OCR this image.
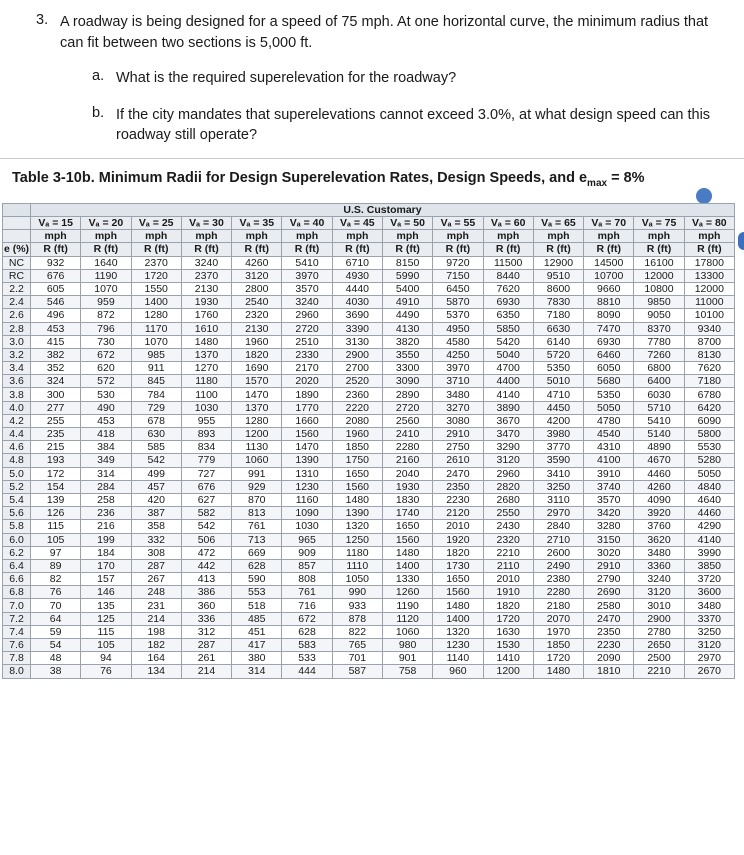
3. A roadway is being designed for a speed of 75 mph. At one horizontal curve, the minimum radius that can fit between two sections is 5,000 ft.
a. What is the required superelevation for the roadway?
b. If the city mandates that superelevations cannot exceed 3.0%, at what design speed can this roadway still operate?
Table 3-10b. Minimum Radii for Design Superelevation Rates, Design Speeds, and $e_{max} = 8\%$
	U.S. Customary													
	Vₐ = 15	Vₐ = 20	Vₐ = 25	Vₐ = 30	Vₐ = 35	Vₐ = 40	Vₐ = 45	Vₐ = 50	Vₐ = 55	Vₐ = 60	Vₐ = 65	Vₐ = 70	Vₐ = 75	Vₐ = 80
	mph	mph	mph	mph	mph	mph	mph	mph	mph	mph	mph	mph	mph	mph
e (%)	R (ft)	R (ft)	R (ft)	R (ft)	R (ft)	R (ft)	R (ft)	R (ft)	R (ft)	R (ft)	R (ft)	R (ft)	R (ft)	R (ft)
NC	932	1640	2370	3240	4260	5410	6710	8150	9720	11500	12900	14500	16100	17800
RC	676	1190	1720	2370	3120	3970	4930	5990	7150	8440	9510	10700	12000	13300
2.2	605	1070	1550	2130	2800	3570	4440	5400	6450	7620	8600	9660	10800	12000
2.4	546	959	1400	1930	2540	3240	4030	4910	5870	6930	7830	8810	9850	11000
2.6	496	872	1280	1760	2320	2960	3690	4490	5370	6350	7180	8090	9050	10100
2.8	453	796	1170	1610	2130	2720	3390	4130	4950	5850	6630	7470	8370	9340
3.0	415	730	1070	1480	1960	2510	3130	3820	4580	5420	6140	6930	7780	8700
3.2	382	672	985	1370	1820	2330	2900	3550	4250	5040	5720	6460	7260	8130
3.4	352	620	911	1270	1690	2170	2700	3300	3970	4700	5350	6050	6800	7620
3.6	324	572	845	1180	1570	2020	2520	3090	3710	4400	5010	5680	6400	7180
3.8	300	530	784	1100	1470	1890	2360	2890	3480	4140	4710	5350	6030	6780
4.0	277	490	729	1030	1370	1770	2220	2720	3270	3890	4450	5050	5710	6420
4.2	255	453	678	955	1280	1660	2080	2560	3080	3670	4200	4780	5410	6090
4.4	235	418	630	893	1200	1560	1960	2410	2910	3470	3980	4540	5140	5800
4.6	215	384	585	834	1130	1470	1850	2280	2750	3290	3770	4310	4890	5530
4.8	193	349	542	779	1060	1390	1750	2160	2610	3120	3590	4100	4670	5280
5.0	172	314	499	727	991	1310	1650	2040	2470	2960	3410	3910	4460	5050
5.2	154	284	457	676	929	1230	1560	1930	2350	2820	3250	3740	4260	4840
5.4	139	258	420	627	870	1160	1480	1830	2230	2680	3110	3570	4090	4640
5.6	126	236	387	582	813	1090	1390	1740	2120	2550	2970	3420	3920	4460
5.8	115	216	358	542	761	1030	1320	1650	2010	2430	2840	3280	3760	4290
6.0	105	199	332	506	713	965	1250	1560	1920	2320	2710	3150	3620	4140
6.2	97	184	308	472	669	909	1180	1480	1820	2210	2600	3020	3480	3990
6.4	89	170	287	442	628	857	1110	1400	1730	2110	2490	2910	3360	3850
6.6	82	157	267	413	590	808	1050	1330	1650	2010	2380	2790	3240	3720
6.8	76	146	248	386	553	761	990	1260	1560	1910	2280	2690	3120	3600
7.0	70	135	231	360	518	716	933	1190	1480	1820	2180	2580	3010	3480
7.2	64	125	214	336	485	672	878	1120	1400	1720	2070	2470	2900	3370
7.4	59	115	198	312	451	628	822	1060	1320	1630	1970	2350	2780	3250
7.6	54	105	182	287	417	583	765	980	1230	1530	1850	2230	2650	3120
7.8	48	94	164	261	380	533	701	901	1140	1410	1720	2090	2500	2970
8.0	38	76	134	214	314	444	587	758	960	1200	1480	1810	2210	2670
